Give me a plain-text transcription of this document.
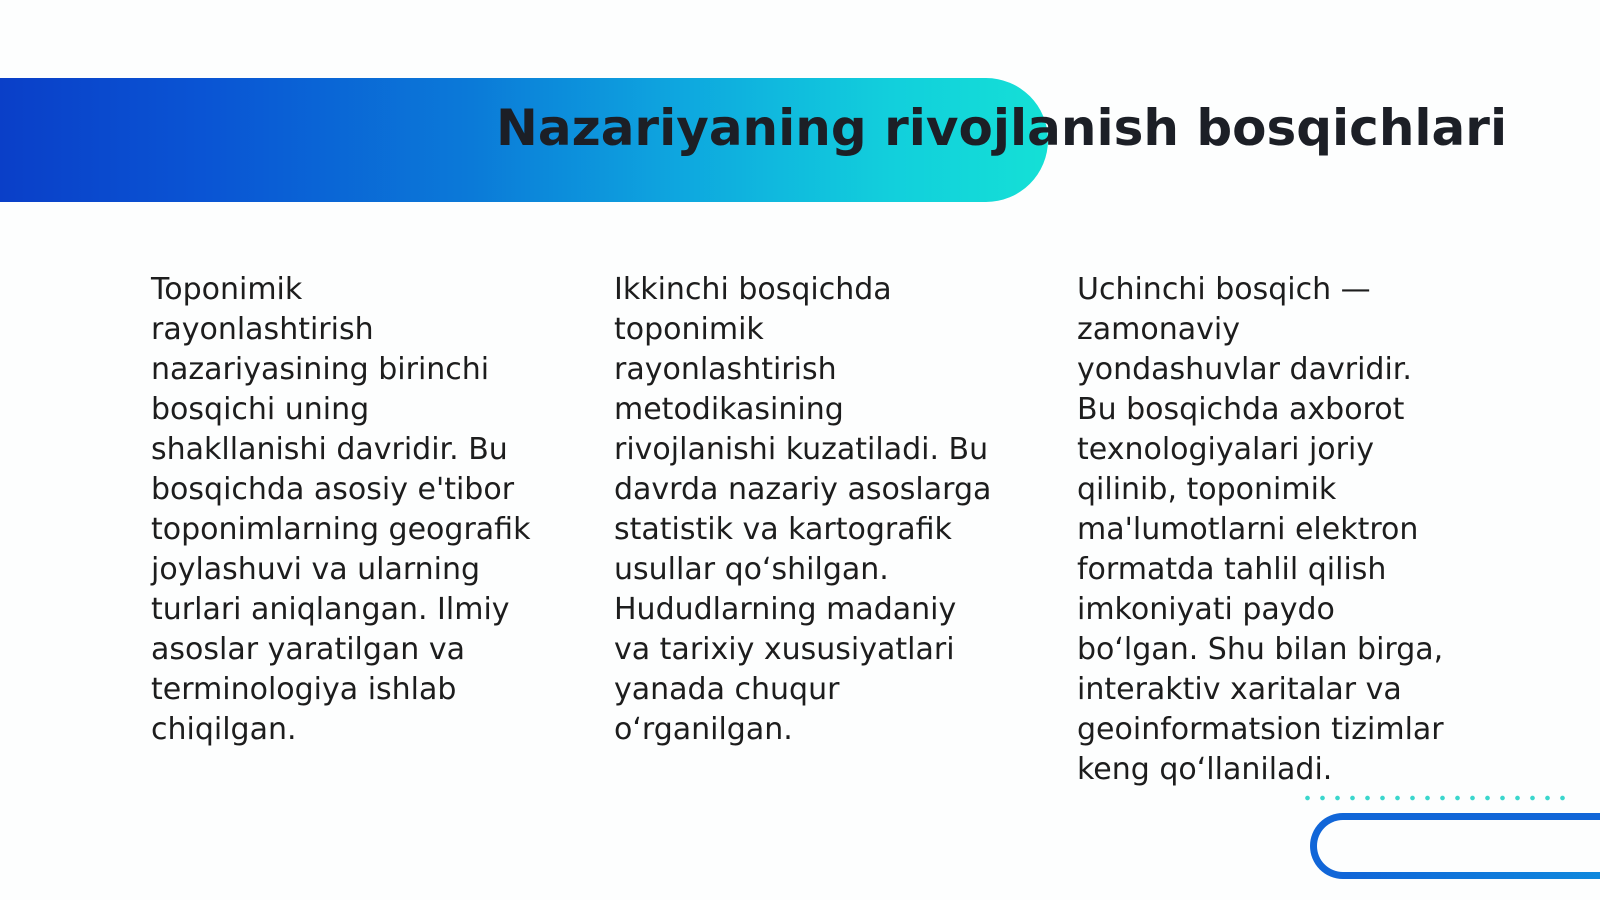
Nazariyaning rivojlanish bosqichlari

Toponimik rayonlashtirish nazariyasining birinchi bosqichi uning shakllanishi davridir. Bu bosqichda asosiy e'tibor toponimlarning geografik joylashuvi va ularning turlari aniqlangan. Ilmiy asoslar yaratilgan va terminologiya ishlab chiqilgan.

Ikkinchi bosqichda toponimik rayonlashtirish metodikasining rivojlanishi kuzatiladi. Bu davrda nazariy asoslarga statistik va kartografik usullar qo‘shilgan. Hududlarning madaniy va tarixiy xususiyatlari yanada chuqur o‘rganilgan.

Uchinchi bosqich — zamonaviy yondashuvlar davridir. Bu bosqichda axborot texnologiyalari joriy qilinib, toponimik ma'lumotlarni elektron formatda tahlil qilish imkoniyati paydo bo‘lgan. Shu bilan birga, interaktiv xaritalar va geoinformatsion tizimlar keng qo‘llaniladi.
